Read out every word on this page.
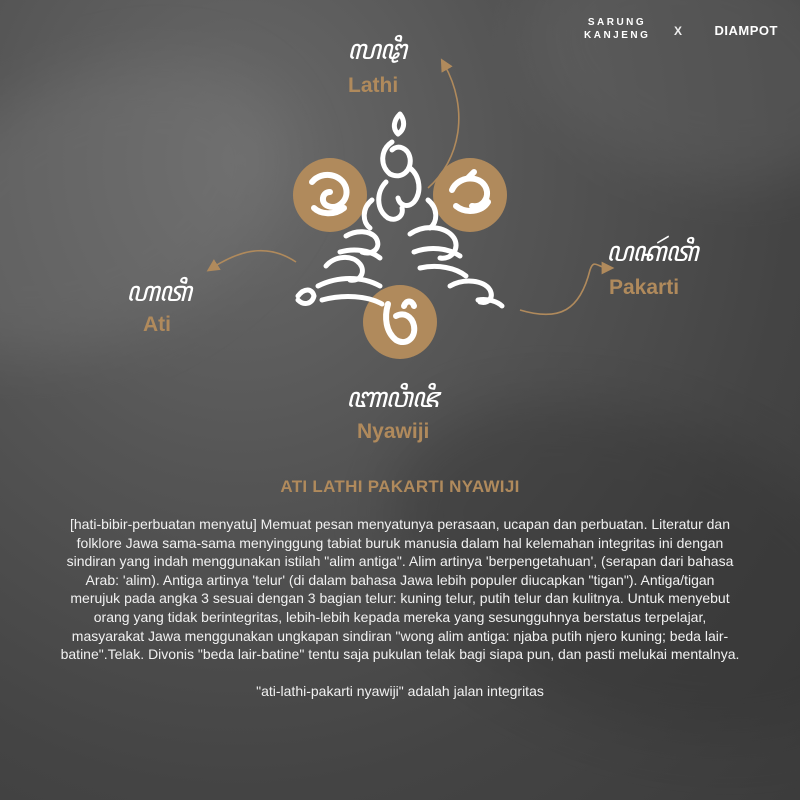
SARUNG KANJENG X	DIAMPOT
ꦭꦛꦶ
Lathi
ꦲꦠꦶ
Ati
ꦥꦏꦂꦠꦶ
Pakarti
ꦚꦮꦶꦗꦶ
Nyawiji
ATI LATHI PAKARTI NYAWIJI

[hati-bibir-perbuatan menyatu] Memuat pesan menyatunya perasaan, ucapan dan perbuatan. Literatur dan folklore Jawa sama-sama menyinggung tabiat buruk manusia dalam hal kelemahan integritas ini dengan sindiran yang indah menggunakan istilah "alim antiga". Alim artinya 'berpengetahuan', (serapan dari bahasa Arab: 'alim). Antiga artinya 'telur' (di dalam bahasa Jawa lebih populer diucapkan "tigan"). Antiga/tigan merujuk pada angka 3 sesuai dengan 3 bagian telur: kuning telur, putih telur dan kulitnya. Untuk menyebut orang yang tidak berintegritas, lebih-lebih kepada mereka yang sesungguhnya berstatus terpelajar, masyarakat Jawa menggunakan ungkapan sindiran "wong alim antiga: njaba putih njero kuning; beda lair-batine".Telak. Divonis "beda lair-batine" tentu saja pukulan telak bagi siapa pun, dan pasti melukai mentalnya.

"ati-lathi-pakarti nyawiji" adalah jalan integritas
